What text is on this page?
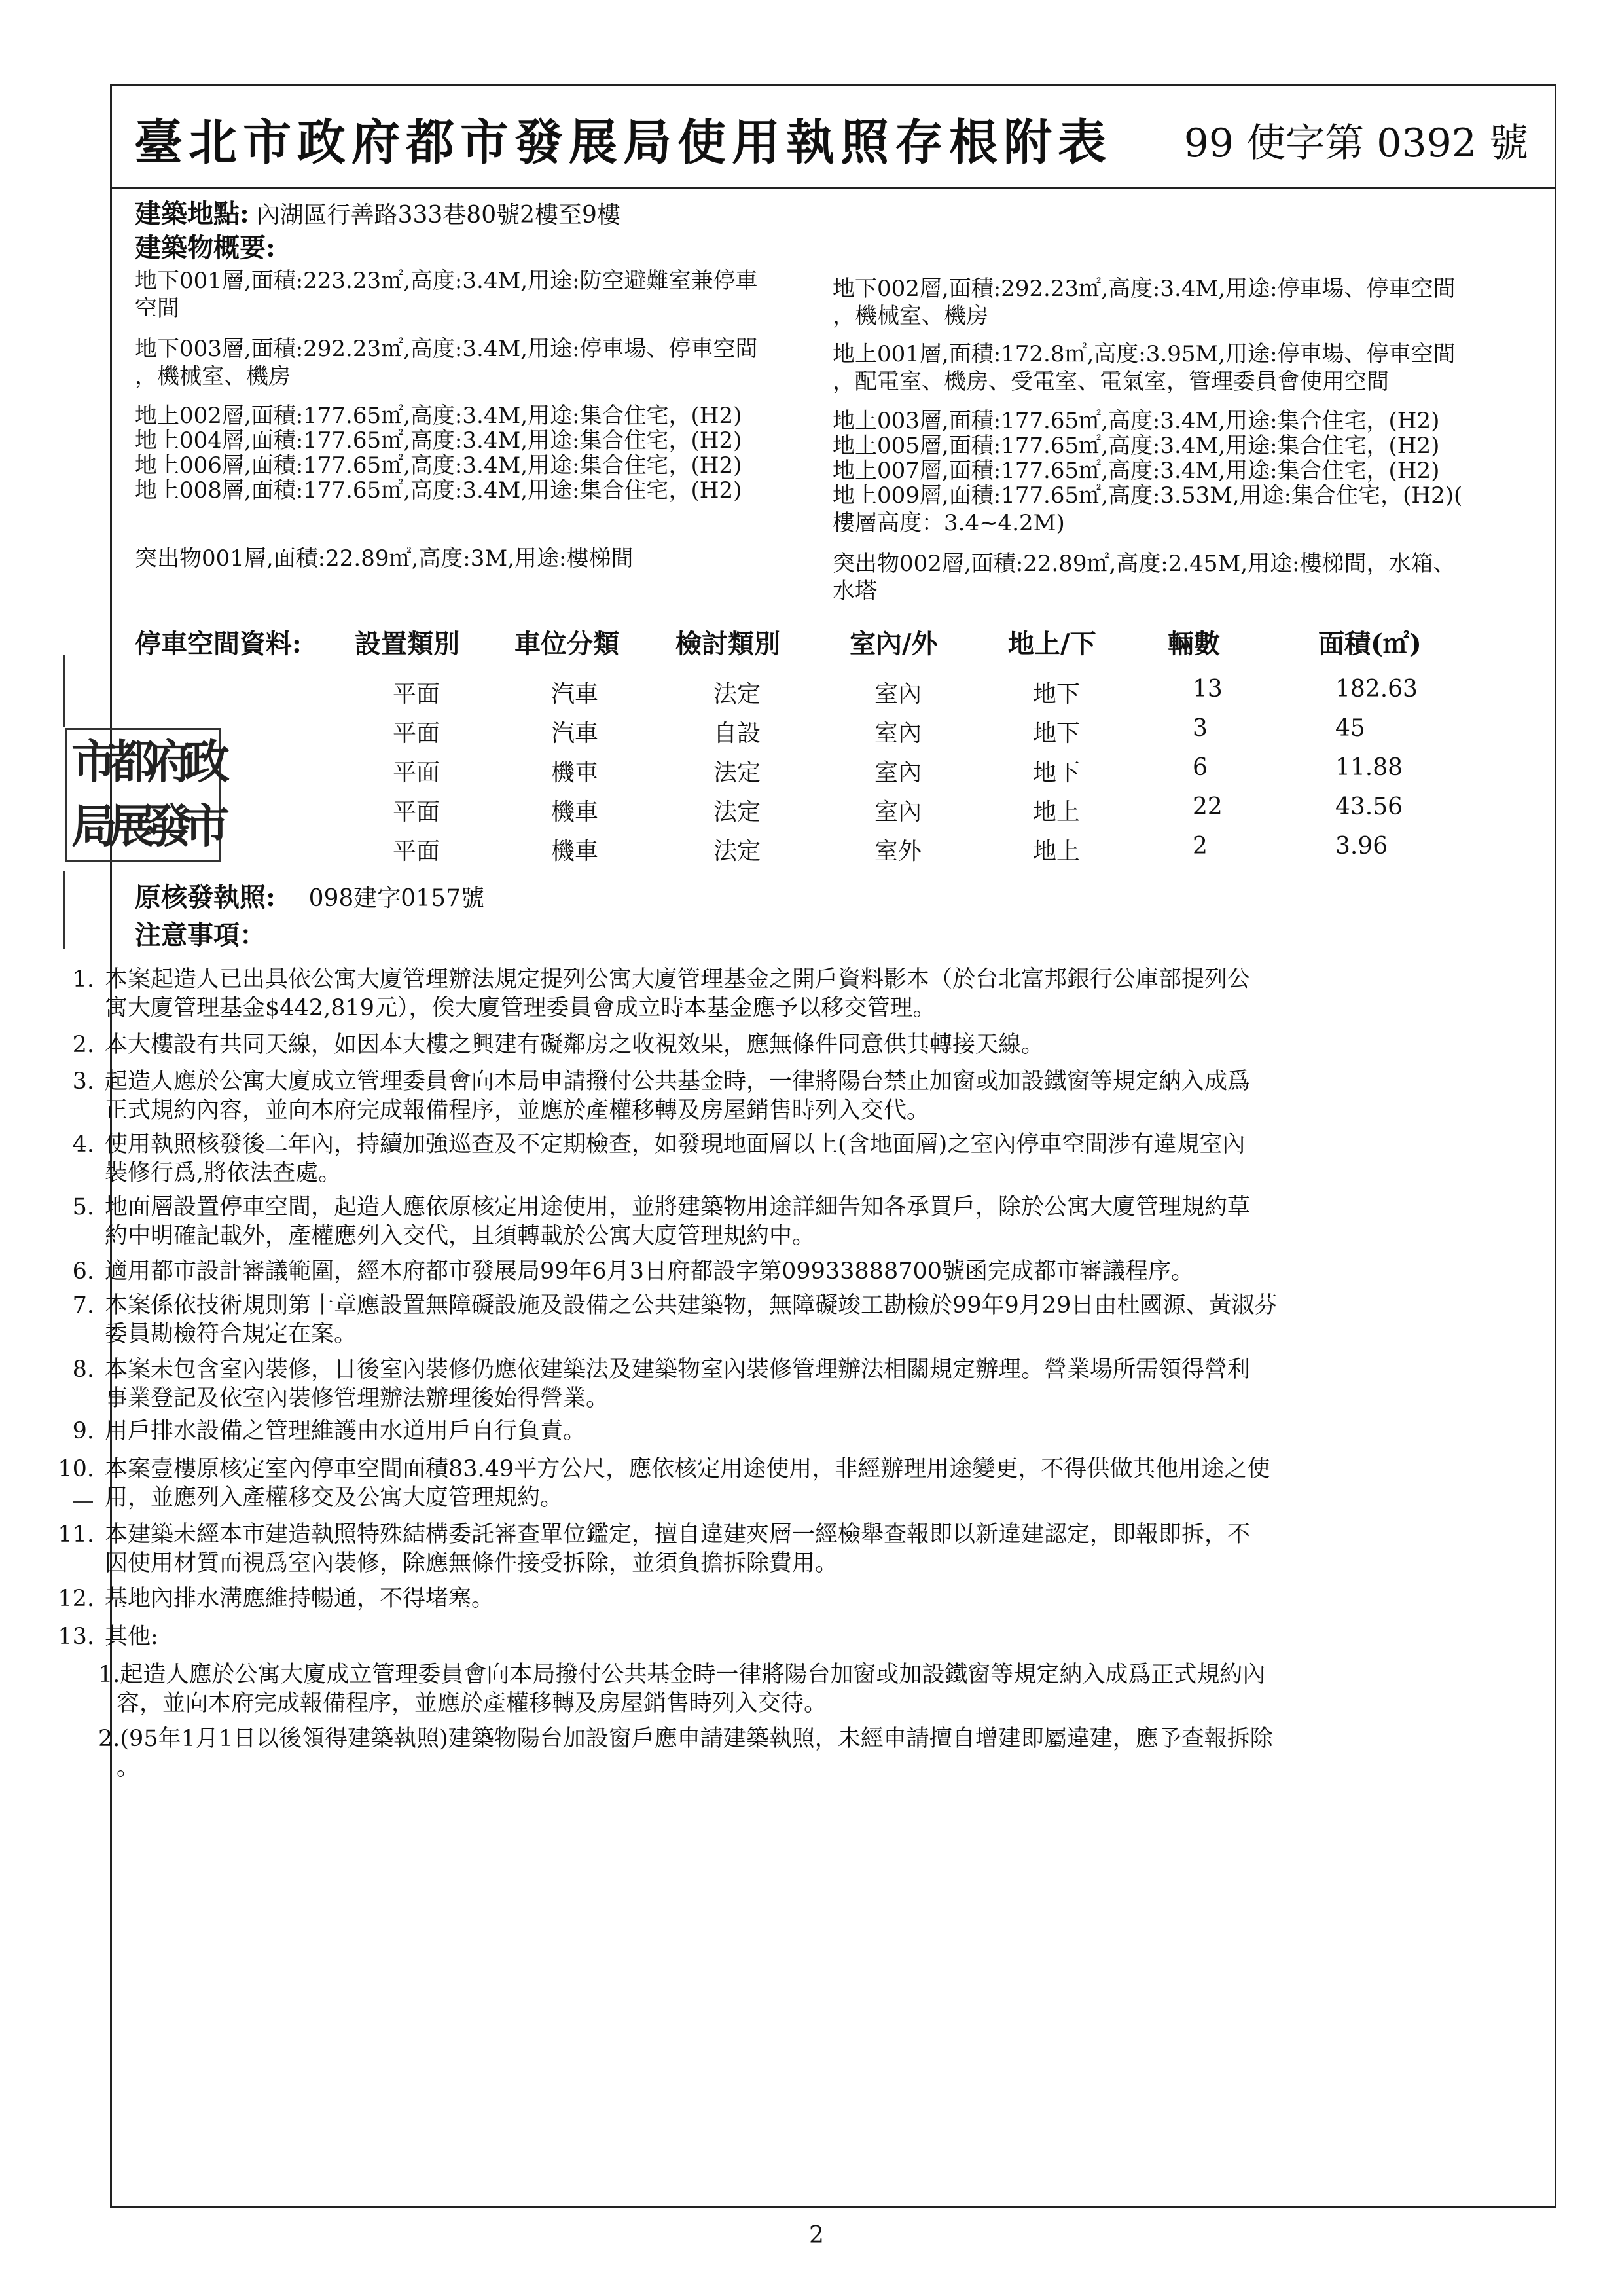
臺北市政府都市發展局使用執照存根附表 99 使字第 0392 號
建築地點: 內湖區行善路333巷80號2樓至9樓
建築物概要:
地下001層,面積:223.23㎡,高度:3.4M,用途:防空避難室兼停車
空間
地下003層,面積:292.23㎡,高度:3.4M,用途:停車場、停車空間
，機械室、機房
地上002層,面積:177.65㎡,高度:3.4M,用途:集合住宅，(H2)
地上004層,面積:177.65㎡,高度:3.4M,用途:集合住宅，(H2)
地上006層,面積:177.65㎡,高度:3.4M,用途:集合住宅，(H2)
地上008層,面積:177.65㎡,高度:3.4M,用途:集合住宅，(H2)
突出物001層,面積:22.89㎡,高度:3M,用途:樓梯間
地下002層,面積:292.23㎡,高度:3.4M,用途:停車場、停車空間
，機械室、機房
地上001層,面積:172.8㎡,高度:3.95M,用途:停車場、停車空間
，配電室、機房、受電室、電氣室，管理委員會使用空間
地上003層,面積:177.65㎡,高度:3.4M,用途:集合住宅，(H2)
地上005層,面積:177.65㎡,高度:3.4M,用途:集合住宅，(H2)
地上007層,面積:177.65㎡,高度:3.4M,用途:集合住宅，(H2)
地上009層,面積:177.65㎡,高度:3.53M,用途:集合住宅，(H2)(
樓層高度：3.4~4.2M)
突出物002層,面積:22.89㎡,高度:2.45M,用途:樓梯間，水箱、
水塔
停車空間資料: 設置類別 車位分類 檢討類別	室內/外	地上/下	輛數	面積(㎡)
平面	汽車	法定	室內	地下	13	182.63
平面	汽車	自設	室內	地下	3	45
平面	機車	法定	室內	地下	6	11.88
平面	機車	法定	室內	地上	22	43.56
平面	機車	法定	室外	地上	2	3.96
市
都
府
政
局
展
發
市
原核發執照: 098建字0157號
注意事項：
1. 本案起造人已出具依公寓大廈管理辦法規定提列公寓大廈管理基金之開戶資料影本（於台北富邦銀行公庫部提列公
寓大廈管理基金$442,819元），俟大廈管理委員會成立時本基金應予以移交管理。
2. 本大樓設有共同天線，如因本大樓之興建有礙鄰房之收視效果，應無條件同意供其轉接天線。
3. 起造人應於公寓大廈成立管理委員會向本局申請撥付公共基金時，一律將陽台禁止加窗或加設鐵窗等規定納入成爲
正式規約內容，並向本府完成報備程序，並應於產權移轉及房屋銷售時列入交代。
4. 使用執照核發後二年內，持續加強巡查及不定期檢查，如發現地面層以上(含地面層)之室內停車空間涉有違規室內
裝修行爲,將依法查處。
5. 地面層設置停車空間，起造人應依原核定用途使用，並將建築物用途詳細告知各承買戶，除於公寓大廈管理規約草
約中明確記載外，產權應列入交代，且須轉載於公寓大廈管理規約中。
6. 適用都市設計審議範圍，經本府都市發展局99年6月3日府都設字第09933888700號函完成都市審議程序。
7. 本案係依技術規則第十章應設置無障礙設施及設備之公共建築物，無障礙竣工勘檢於99年9月29日由杜國源、黃淑芬
委員勘檢符合規定在案。
8. 本案未包含室內裝修，日後室內裝修仍應依建築法及建築物室內裝修管理辦法相關規定辦理。營業場所需領得營利
事業登記及依室內裝修管理辦法辦理後始得營業。
9. 用戶排水設備之管理維護由水道用戶自行負責。
10. 本案壹樓原核定室內停車空間面積83.49平方公尺，應依核定用途使用，非經辦理用途變更，不得供做其他用途之使
用，並應列入產權移交及公寓大廈管理規約。
11. 本建築未經本市建造執照特殊結構委託審查單位鑑定，擅自違建夾層一經檢舉查報即以新違建認定，即報即拆，不
因使用材質而視爲室內裝修，除應無條件接受拆除，並須負擔拆除費用。
12. 基地內排水溝應維持暢通，不得堵塞。
13. 其他:
1.起造人應於公寓大廈成立管理委員會向本局撥付公共基金時一律將陽台加窗或加設鐵窗等規定納入成爲正式規約內
容，並向本府完成報備程序，並應於產權移轉及房屋銷售時列入交待。
2.(95年1月1日以後領得建築執照)建築物陽台加設窗戶應申請建築執照，未經申請擅自增建即屬違建，應予查報拆除
。
2
